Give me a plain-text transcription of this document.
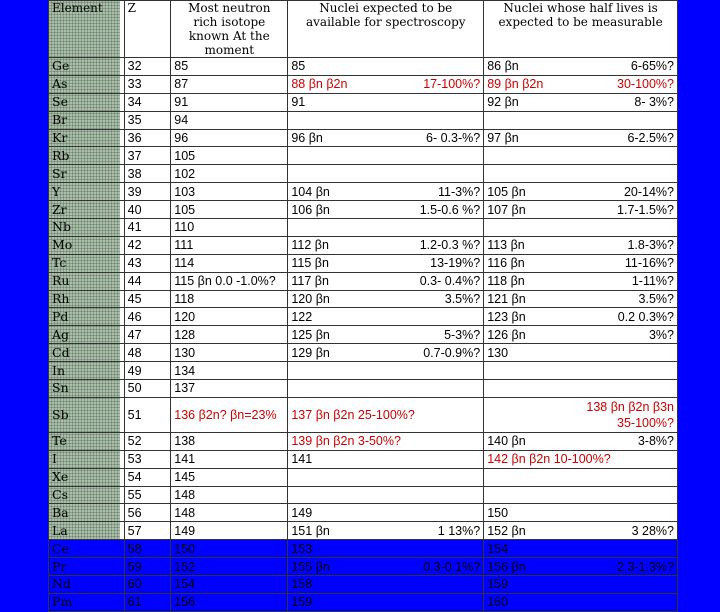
Element	Z	Most neutron rich isotope known At the moment	Nuclei expected to be available for spectroscopy	Nuclei whose half lives is expected to be measurable
Ge	32	85	85	86 βn 6-65%?

As	33	87	88 βn β2n 17-100%?	89 βn β2n 30-100%?

Se	34	91	91	92 βn 8- 3%?

Br	35	94	

Kr	36	96	96 βn 6- 0.3-%?	97 βn 6-2.5%?

Rb	37	105	

Sr	38	102	

Y	39	103	104 βn 11-3%?	105 βn 20-14%?

Zr	40	105	106 βn 1.5-0.6 %?	107 βn 1.7-1.5%?

Nb	41	110	

Mo	42	111	112 βn 1.2-0.3 %?	113 βn 1.8-3%?

Tc	43	114	115 βn 13-19%?	116 βn 11-16%?

Ru	44	115 βn 0.0 -1.0%?	117 βn 0.3- 0.4%?	118 βn 1-11%?

Rh	45	118	120 βn 3.5%?	121 βn 3.5%?

Pd	46	120	122	123 βn 0.2 0.3%?

Ag	47	128	125 βn 5-3%?	126 βn 3%?

Cd	48	130	129 βn 0.7-0.9%?	130

In	49	134	

Sn	50	137	

Sb	51	136 β2n? βn=23%	137 βn β2n 25-100%?	138 βn β2n β3n
35-100%?

Te	52	138	139 βn β2n 3-50%?	140 βn 3-8%?

I	53	141	141	142 βn β2n 10-100%?

Xe	54	145	

Cs	55	148	

Ba	56	148	149	150

La	57	149	151 βn 1 13%?	152 βn 3 28%?

Ce	58	150	153	154

Pr	59	152	155 βn 0.3-0.1%?	156 βn 2.3-1.3%?

Nd	60	154	158	159

Pm	61	156	159	160
